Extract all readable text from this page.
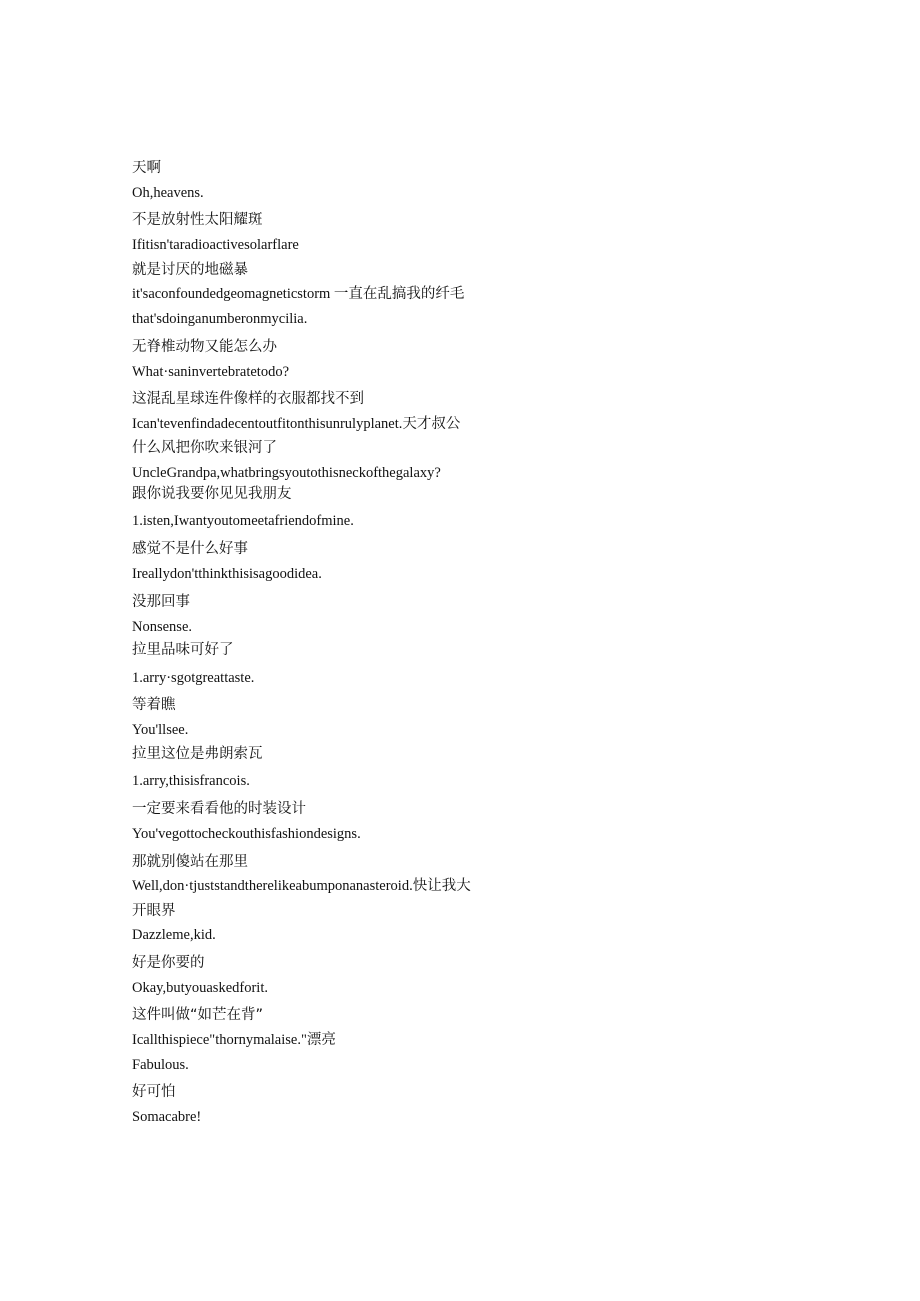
天啊

Oh,heavens.

不是放射性太阳耀斑

Ifitisn'taradioactivesolarflare

就是讨厌的地磁暴

it'saconfoundedgeomagneticstorm 一直在乱搞我的纤毛

that'sdoinganumberonmycilia.

无脊椎动物又能怎么办

What·saninvertebratetodo?

这混乱星球连件像样的衣服都找不到

Ican'tevenfindadecentoutfitonthisunrulyplanet.天才叔公

什么风把你吹来银河了

UncleGrandpa,whatbringsyoutothisneckofthegalaxy?

跟你说我要你见见我朋友

1.isten,Iwantyoutomeetafriendofmine.

感觉不是什么好事

Ireallydon'tthinkthisisagoodidea.

没那回事

Nonsense.

拉里品味可好了

1.arry·sgotgreattaste.

等着瞧

You'llsee.

拉里这位是弗朗索瓦

1.arry,thisisfrancois.

一定要来看看他的时装设计

You'vegottocheckouthisfashiondesigns.

那就别傻站在那里

Well,don·tjuststandtherelikeabumponanasteroid.快让我大

开眼界

Dazzleme,kid.

好是你要的

Okay,butyouaskedforit.

这件叫做“如芒在背”

Icallthispiece"thornymalaise."漂亮

Fabulous.

好可怕

Somacabre!
